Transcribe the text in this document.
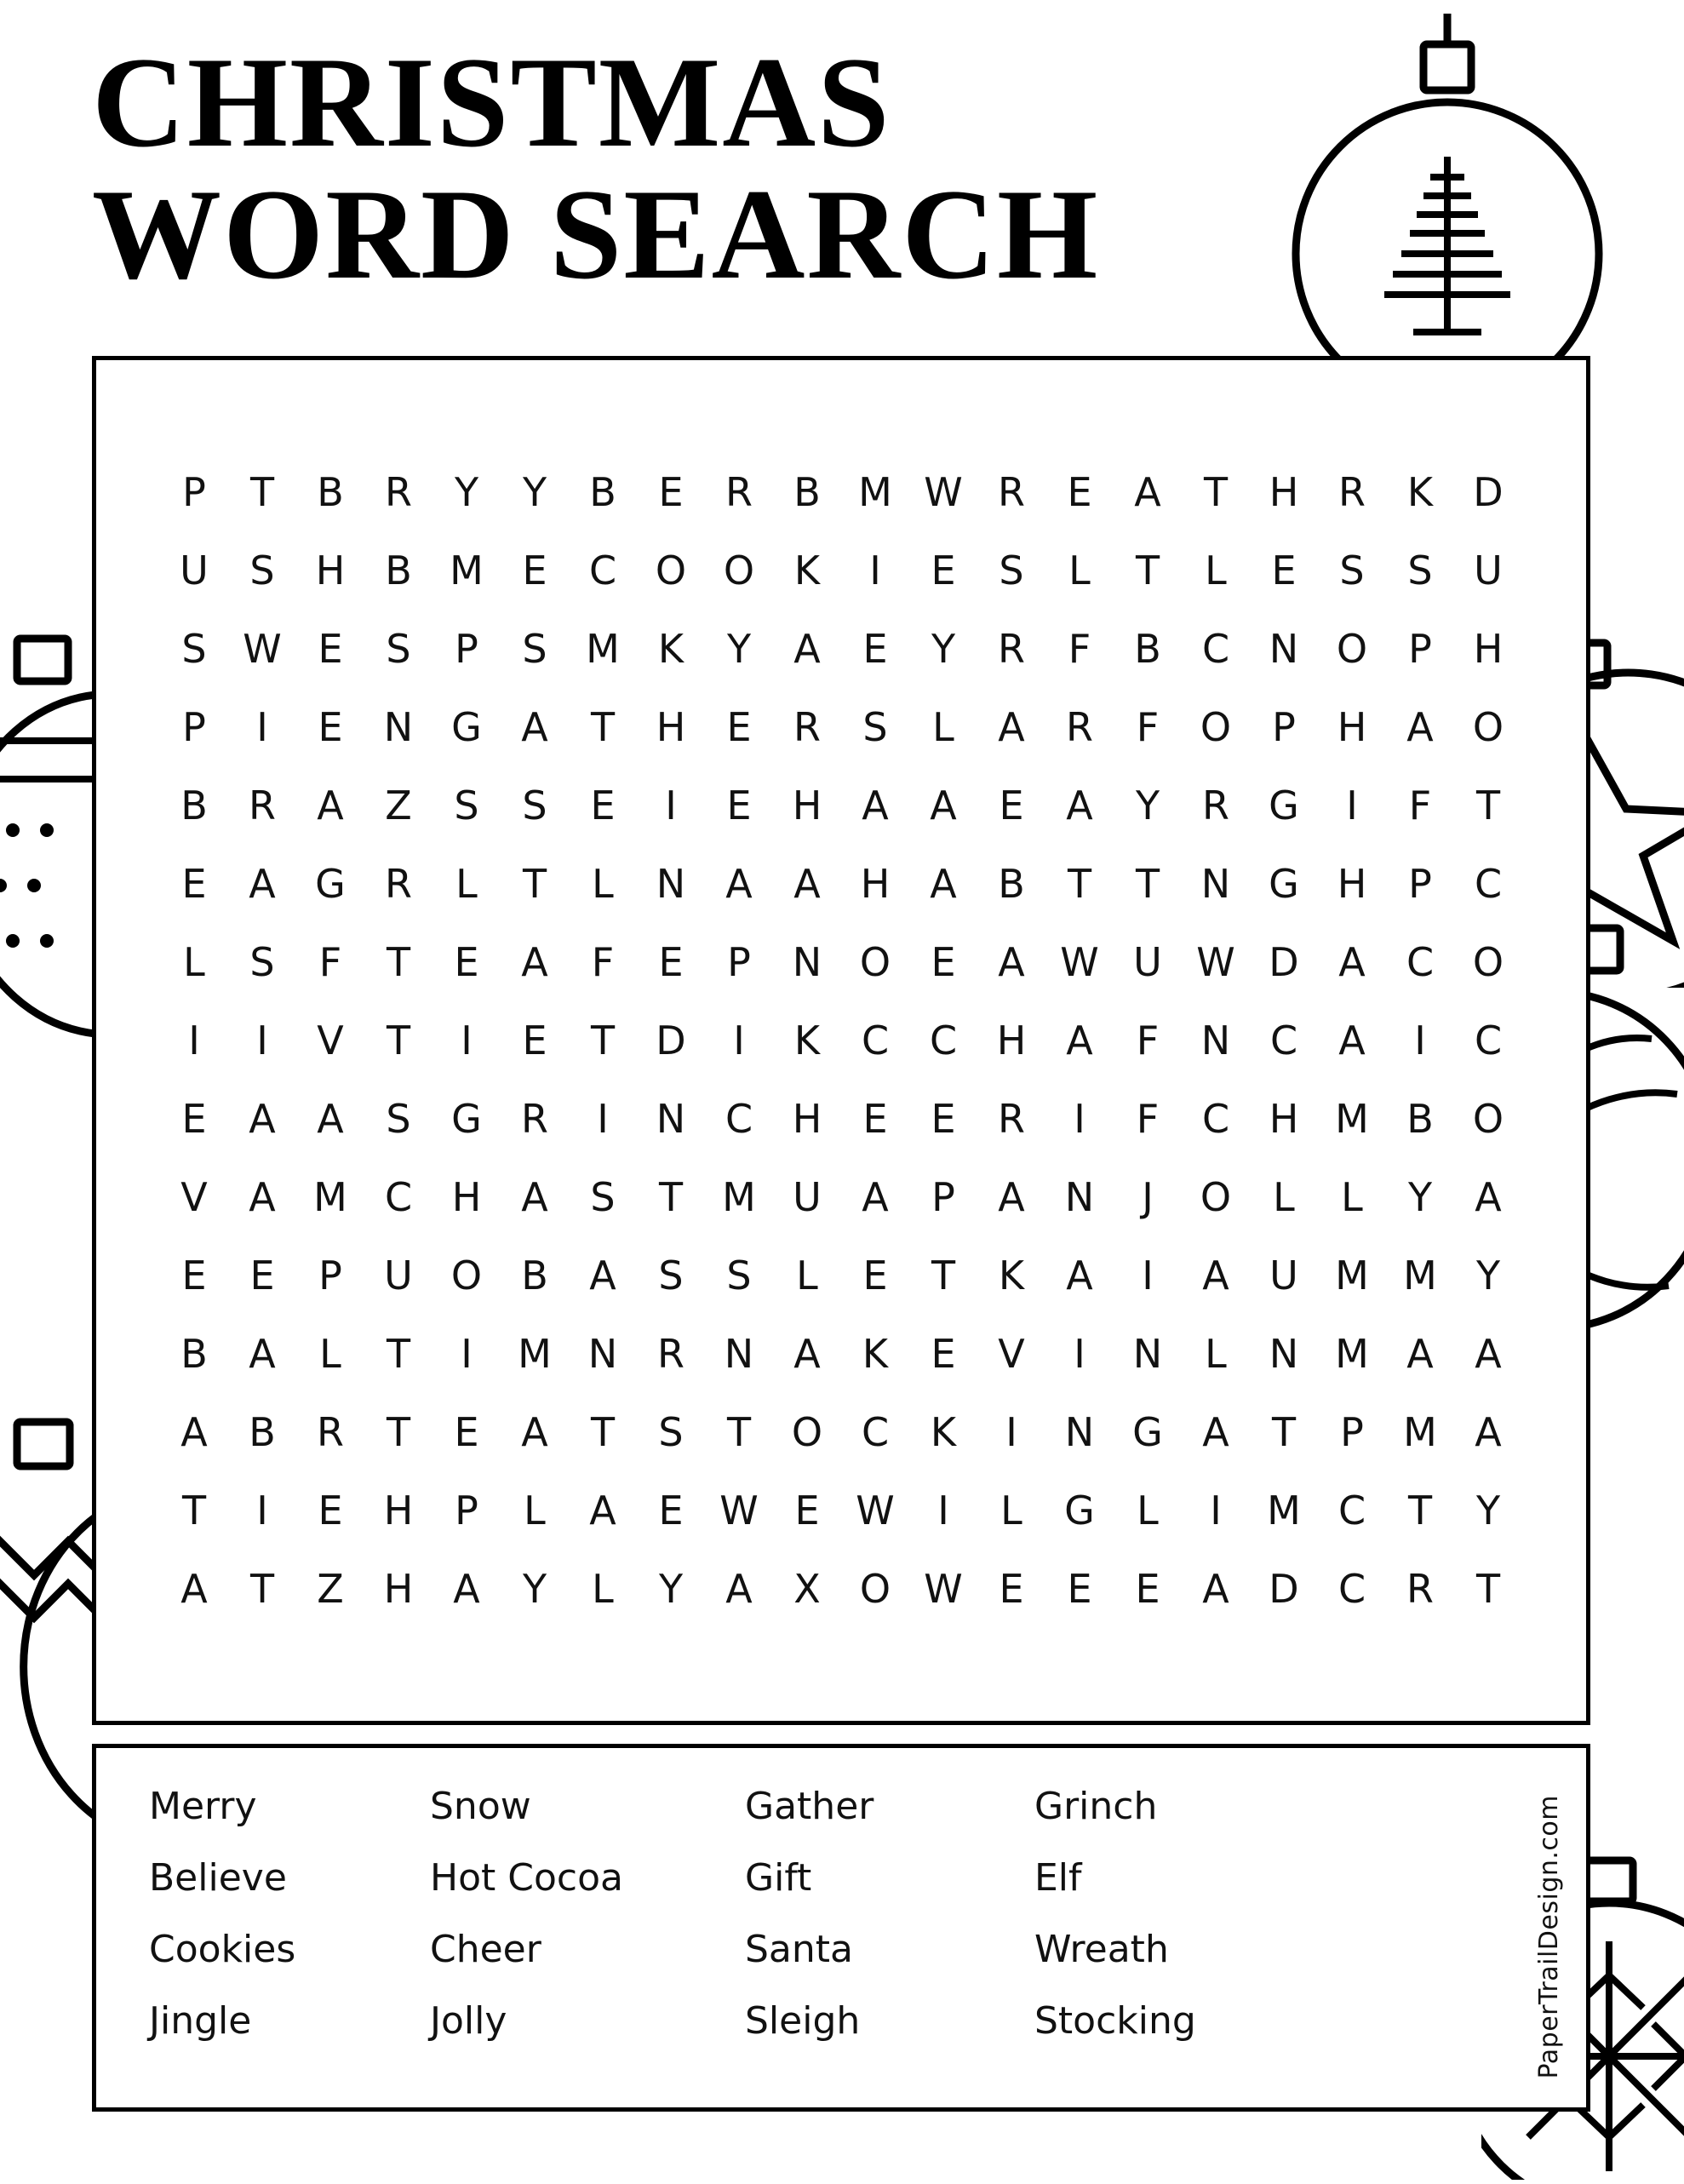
CHRISTMAS
WORD SEARCH
P T B R Y Y B E R B M W R E A T H R K D
U S H B M E C O O K I E S L T L E S S U
S W E S P S M K Y A E Y R F B C N O P H
P I E N G A T H E R S L A R F O P H A O
B R A Z S S E I E H A A E A Y R G I F T
E A G R L T L N A A H A B T T N G H P C
L S F T E A F E P N O E A W U W D A C O
I I V T I E T D I K C C H A F N C A I C
E A A S G R I N C H E E R I F C H M B O
V A M C H A S T M U A P A N J O L L Y A
E E P U O B A S S L E T K A I A U M M Y
B A L T I M N R N A K E V I N L N M A A
A B R T E A T S T O C K I N G A T P M A
T I E H P L A E W E W I L G L I M C T Y
A T Z H A Y L Y A X O W E E E A D C R T
Merry	Snow	Gather	Grinch
Believe	Hot Cocoa	Gift	Elf
Cookies	Cheer	Santa	Wreath
Jingle	Jolly	Sleigh	Stocking	PaperTrailDesign.com
